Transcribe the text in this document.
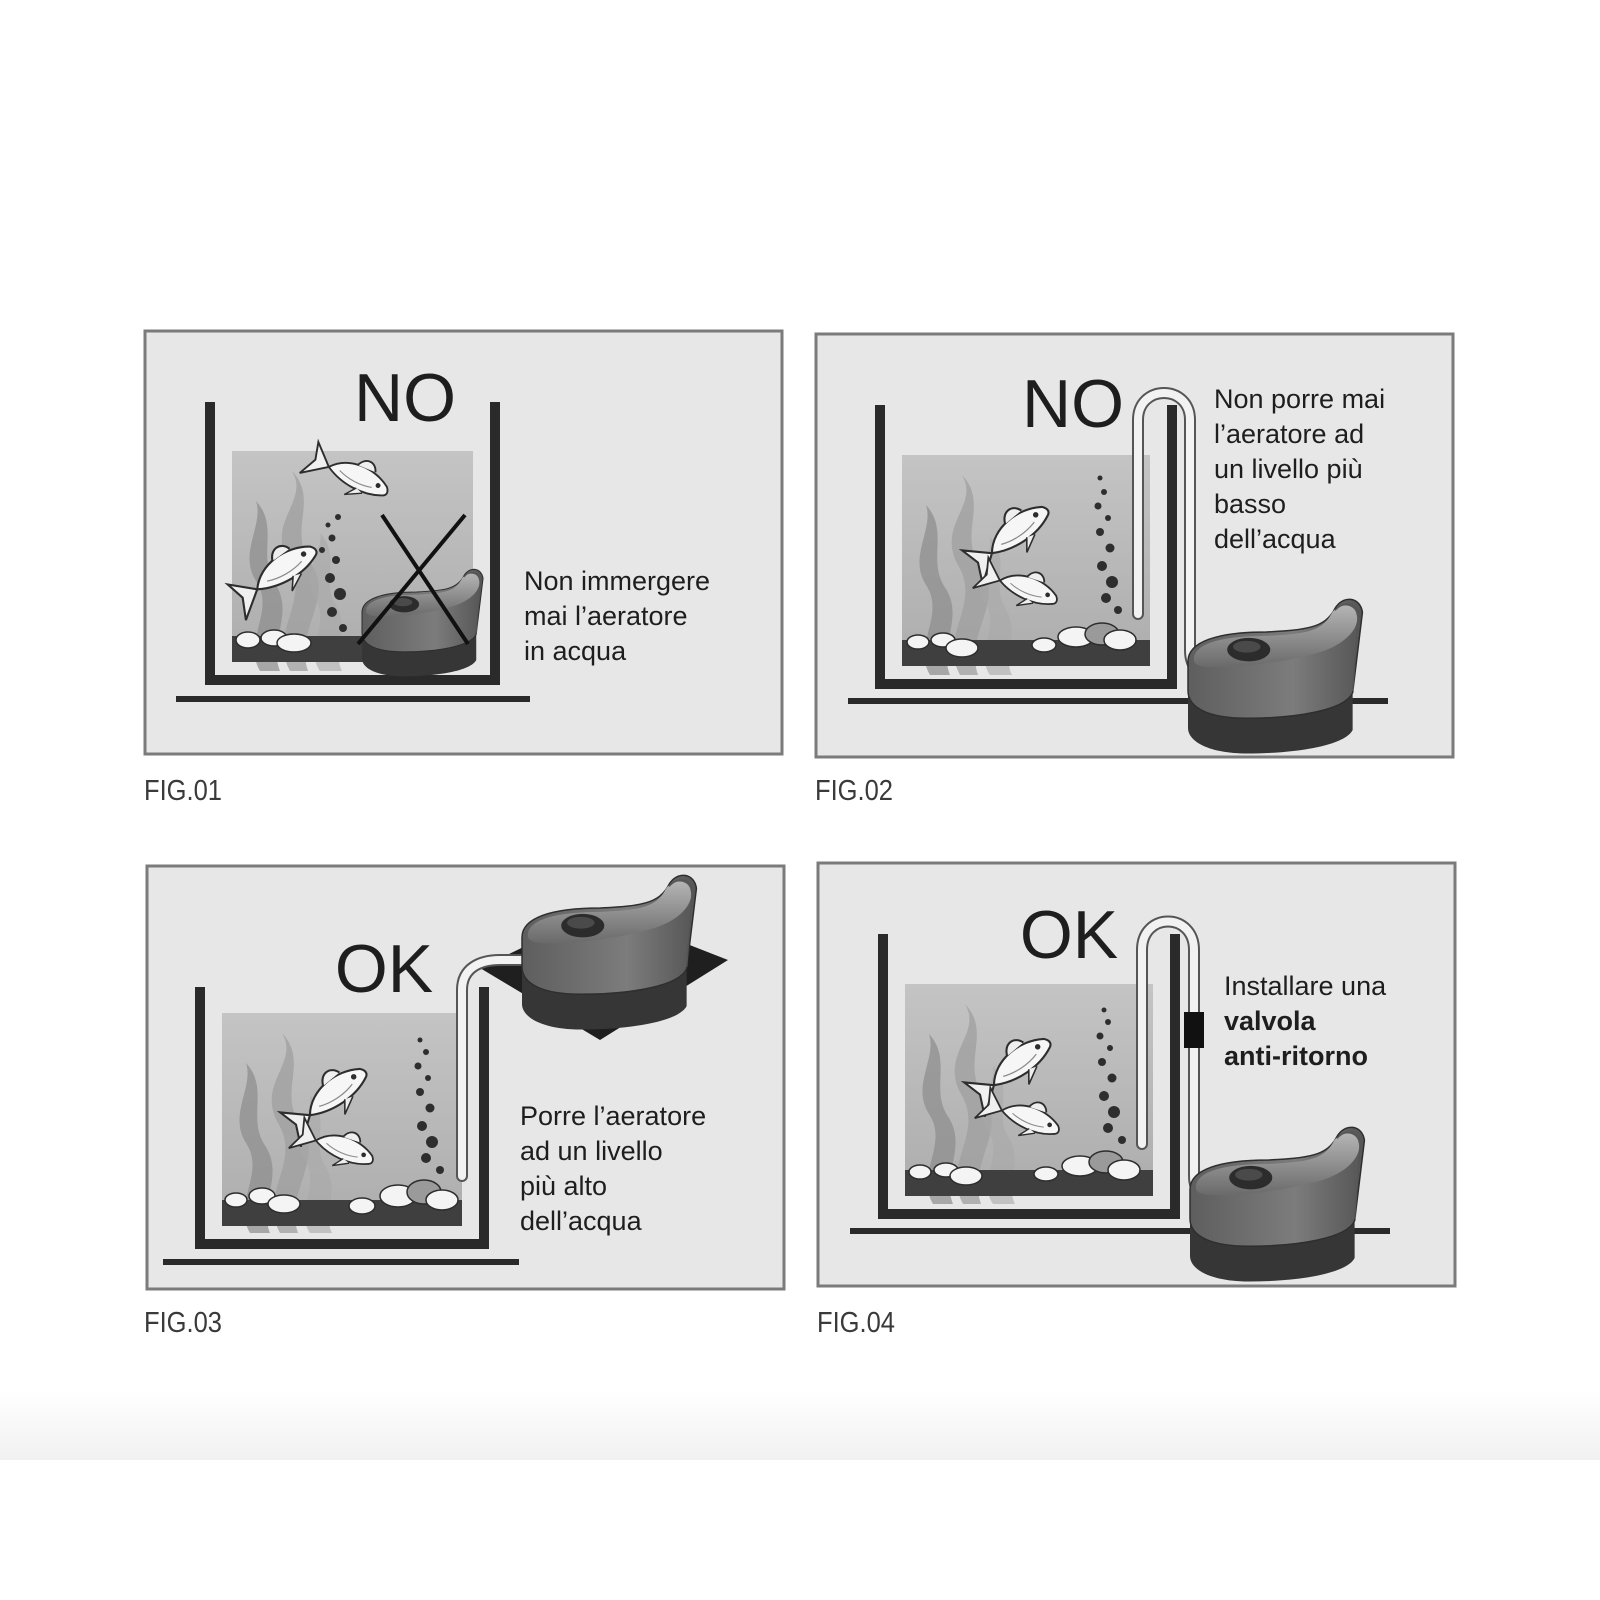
NO
Non immergere
mai l’aeratore
in acqua
FIG.01
NO	Non porre mai
l’aeratore ad
un livello più
basso
dell’acqua
FIG.02
OK
Porre l’aeratore
ad un livello
più alto
dell’acqua
FIG.03
OK
Installare una
valvola
anti-ritorno
FIG.04
